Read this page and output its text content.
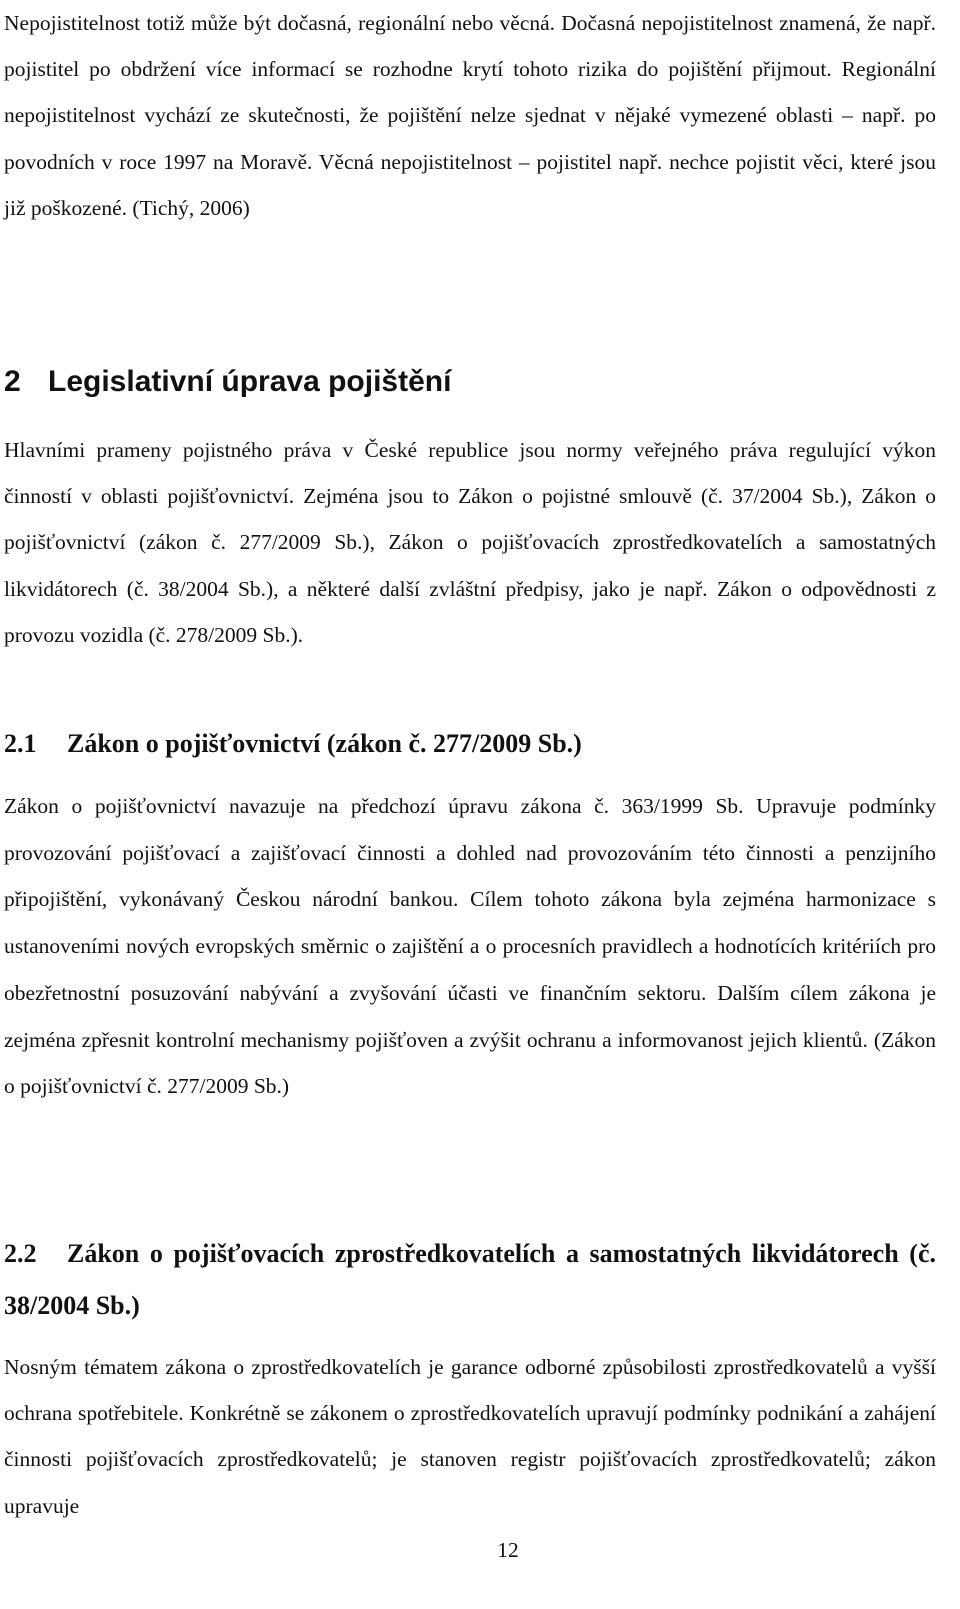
Nepojistitelnost totiž může být dočasná, regionální nebo věcná. Dočasná nepojistitelnost znamená, že např. pojistitel po obdržení více informací se rozhodne krytí tohoto rizika do pojištění přijmout. Regionální nepojistitelnost vychází ze skutečnosti, že pojištění nelze sjednat v nějaké vymezené oblasti – např. po povodních v roce 1997 na Moravě. Věcná nepojistitelnost – pojistitel např. nechce pojistit věci, které jsou již poškozené. (Tichý, 2006)

2 Legislativní úprava pojištění

Hlavními prameny pojistného práva v České republice jsou normy veřejného práva regulující výkon činností v oblasti pojišťovnictví. Zejména jsou to Zákon o pojistné smlouvě (č. 37/2004 Sb.), Zákon o pojišťovnictví (zákon č. 277/2009 Sb.), Zákon o pojišťovacích zprostředkovatelích a samostatných likvidátorech (č. 38/2004 Sb.), a některé další zvláštní předpisy, jako je např. Zákon o odpovědnosti z provozu vozidla (č. 278/2009 Sb.).

2.1 Zákon o pojišťovnictví (zákon č. 277/2009 Sb.)

Zákon o pojišťovnictví navazuje na předchozí úpravu zákona č. 363/1999 Sb. Upravuje podmínky provozování pojišťovací a zajišťovací činnosti a dohled nad provozováním této činnosti a penzijního připojištění, vykonávaný Českou národní bankou. Cílem tohoto zákona byla zejména harmonizace s ustanoveními nových evropských směrnic o zajištění a o procesních pravidlech a hodnotících kritériích pro obezřetnostní posuzování nabývání a zvyšování účasti ve finančním sektoru. Dalším cílem zákona je zejména zpřesnit kontrolní mechanismy pojišťoven a zvýšit ochranu a informovanost jejich klientů. (Zákon o pojišťovnictví č. 277/2009 Sb.)

2.2 Zákon o pojišťovacích zprostředkovatelích a samostatných likvidátorech (č. 38/2004 Sb.)

Nosným tématem zákona o zprostředkovatelích je garance odborné způsobilosti zprostředkovatelů a vyšší ochrana spotřebitele. Konkrétně se zákonem o zprostředkovatelích upravují podmínky podnikání a zahájení činnosti pojišťovacích zprostředkovatelů; je stanoven registr pojišťovacích zprostředkovatelů; zákon upravuje

12
